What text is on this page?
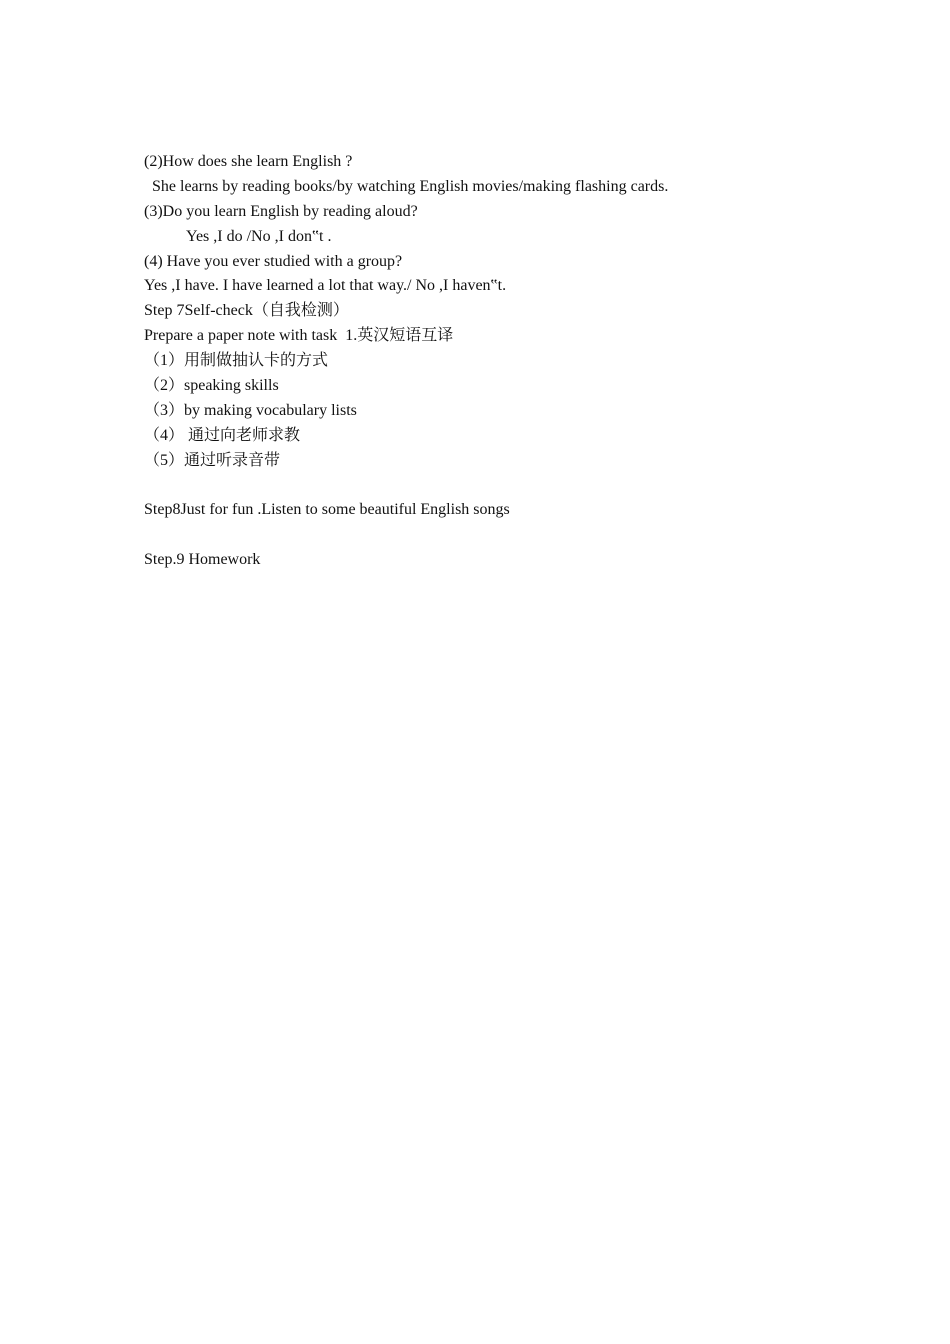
(2)How does she learn English ?
She learns by reading books/by watching English movies/making flashing cards.
(3)Do you learn English by reading aloud?
Yes ,I do /No ,I don‟t .
(4) Have you ever studied with a group?
Yes ,I have. I have learned a lot that way./ No ,I haven‟t.
Step 7Self-check（自我检测）
Prepare a paper note with task  1.英汉短语互译
（1）用制做抽认卡的方式
（2）speaking skills
（3）by making vocabulary lists
（4） 通过向老师求教
（5）通过听录音带
Step8Just for fun .Listen to some beautiful English songs
Step.9 Homework
